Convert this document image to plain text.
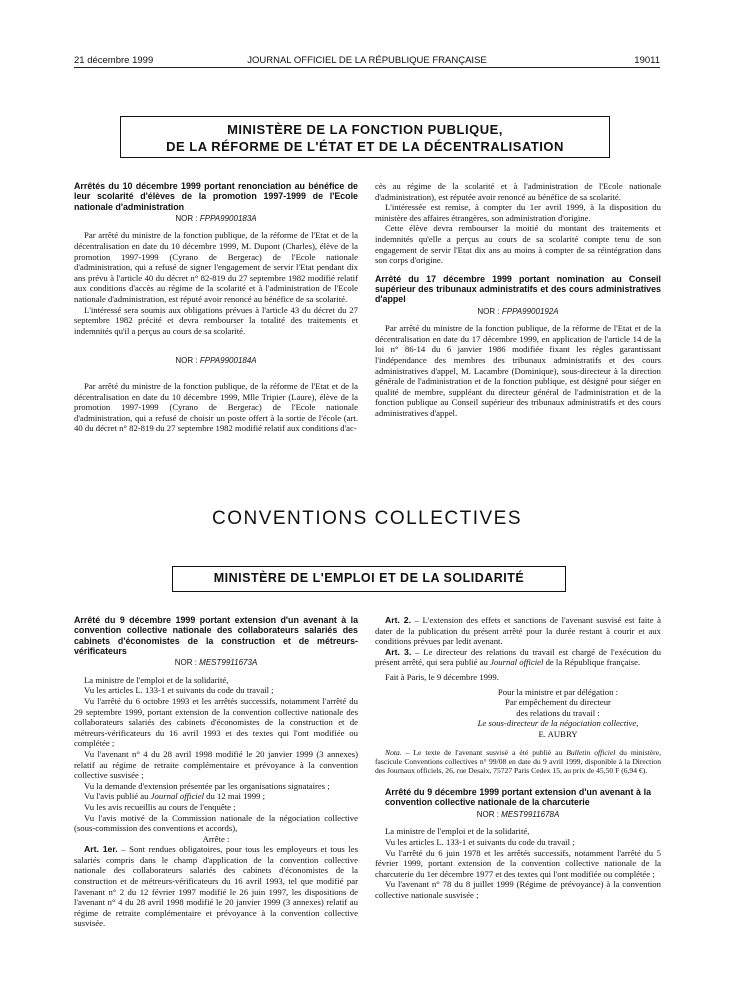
21 décembre 1999	JOURNAL OFFICIEL DE LA RÉPUBLIQUE FRANÇAISE	19011
MINISTÈRE DE LA FONCTION PUBLIQUE,
DE LA RÉFORME DE L'ÉTAT ET DE LA DÉCENTRALISATION
Arrêtés du 10 décembre 1999 portant renonciation au bénéfice de leur scolarité d'élèves de la promotion 1997-1999 de l'Ecole nationale d'administration
NOR : FPPA9900183A

Par arrêté du ministre de la fonction publique, de la réforme de l'Etat et de la décentralisation en date du 10 décembre 1999, M. Dupont (Charles), élève de la promotion 1997-1999 (Cyrano de Bergerac) de l'Ecole nationale d'administration, qui a refusé de signer l'engagement de servir l'Etat pendant dix ans prévu à l'article 40 du décret n° 82-819 du 27 septembre 1982 modifié relatif aux conditions d'accès au régime de la scolarité et à l'administration de l'Ecole nationale d'administration, est réputé avoir renoncé au bénéfice de sa scolarité.

L'intéressé sera soumis aux obligations prévues à l'article 43 du décret du 27 septembre 1982 précité et devra rembourser la totalité des traitements et indemnités qu'il a perçus au cours de sa scolarité.

NOR : FPPA9900184A

Par arrêté du ministre de la fonction publique, de la réforme de l'Etat et de la décentralisation en date du 10 décembre 1999, Mlle Tripier (Laure), élève de la promotion 1997-1999 (Cyrano de Bergerac) de l'Ecole nationale d'administration, qui a refusé de choisir un poste offert à la sortie de l'école (art. 40 du décret n° 82-819 du 27 septembre 1982 modifié relatif aux conditions d'ac-

cès au régime de la scolarité et à l'administration de l'Ecole nationale d'administration), est réputée avoir renoncé au bénéfice de sa scolarité.

L'intéressée est remise, à compter du 1er avril 1999, à la disposition du ministère des affaires étrangères, son administration d'origine.

Cette élève devra rembourser la moitié du montant des traitements et indemnités qu'elle a perçus au cours de sa scolarité compte tenu de son engagement de servir l'Etat dix ans au moins à compter de sa réintégration dans son corps d'origine.

Arrêté du 17 décembre 1999 portant nomination au Conseil supérieur des tribunaux administratifs et des cours administratives d'appel
NOR : FPPA9900192A

Par arrêté du ministre de la fonction publique, de la réforme de l'Etat et de la décentralisation en date du 17 décembre 1999, en application de l'article 14 de la loi n° 86-14 du 6 janvier 1986 modifiée fixant les règles garantissant l'indépendance des membres des tribunaux administratifs et des cours administratives d'appel, M. Lacambre (Dominique), sous-directeur à la direction générale de l'administration et de la fonction publique, est désigné pour siéger en qualité de membre, suppléant du directeur général de l'administration et de la fonction publique au Conseil supérieur des tribunaux administratifs et des cours administratives d'appel.

CONVENTIONS COLLECTIVES
MINISTÈRE DE L'EMPLOI ET DE LA SOLIDARITÉ
Arrêté du 9 décembre 1999 portant extension d'un avenant à la convention collective nationale des collaborateurs salariés des cabinets d'économistes de la construction et de métreurs-vérificateurs
NOR : MESТ9911673A

La ministre de l'emploi et de la solidarité,

Vu les articles L. 133-1 et suivants du code du travail ;

Vu l'arrêté du 6 octobre 1993 et les arrêtés successifs, notamment l'arrêté du 29 septembre 1999, portant extension de la convention collective nationale des collaborateurs salariés des cabinets d'économistes de la construction et de métreurs-vérificateurs du 16 avril 1993 et des textes qui l'ont modifiée ou complétée ;

Vu l'avenant n° 4 du 28 avril 1998 modifié le 20 janvier 1999 (3 annexes) relatif au régime de retraite complémentaire et prévoyance à la convention collective susvisée ;

Vu la demande d'extension présentée par les organisations signataires ;

Vu l'avis publié au Journal officiel du 12 mai 1999 ;

Vu les avis recueillis au cours de l'enquête ;

Vu l'avis motivé de la Commission nationale de la négociation collective (sous-commission des conventions et accords),

Arrête :

Art. 1er. – Sont rendues obligatoires, pour tous les employeurs et tous les salariés compris dans le champ d'application de la convention collective nationale des collaborateurs salariés des cabinets d'économistes de la construction et de métreurs-vérificateurs du 16 avril 1993, tel que modifié par l'avenant n° 2 du 12 février 1997 modifié le 26 juin 1997, les dispositions de l'avenant n° 4 du 28 avril 1998 modifié le 20 janvier 1999 (3 annexes) relatif au régime de retraite complémentaire et prévoyance à la convention collective susvisée.

Art. 2. – L'extension des effets et sanctions de l'avenant susvisé est faite à dater de la publication du présent arrêté pour la durée restant à courir et aux conditions prévues par ledit avenant.

Art. 3. – Le directeur des relations du travail est chargé de l'exécution du présent arrêté, qui sera publié au Journal officiel de la République française.

Fait à Paris, le 9 décembre 1999.

Pour la ministre et par délégation :
Par empêchement du directeur
des relations du travail :
Le sous-directeur de la négociation collective,
E. AUBRY

Nota. – Le texte de l'avenant susvisé a été publié au Bulletin officiel du ministère, fascicule Conventions collectives n° 99/08 en date du 9 avril 1999, disponible à la Direction des Journaux officiels, 26, rue Desaix, 75727 Paris Cedex 15, au prix de 45,50 F (6,94 €).

Arrêté du 9 décembre 1999 portant extension d'un avenant à la convention collective nationale de la charcuterie
NOR : MEST9911678A

La ministre de l'emploi et de la solidarité,

Vu les articles L. 133-1 et suivants du code du travail ;

Vu l'arrêté du 6 juin 1978 et les arrêtés successifs, notamment l'arrêté du 5 février 1999, portant extension de la convention collective nationale de la charcuterie du 1er décembre 1977 et des textes qui l'ont modifiée ou complétée ;

Vu l'avenant n° 78 du 8 juillet 1999 (Régime de prévoyance) à la convention collective nationale susvisée ;
